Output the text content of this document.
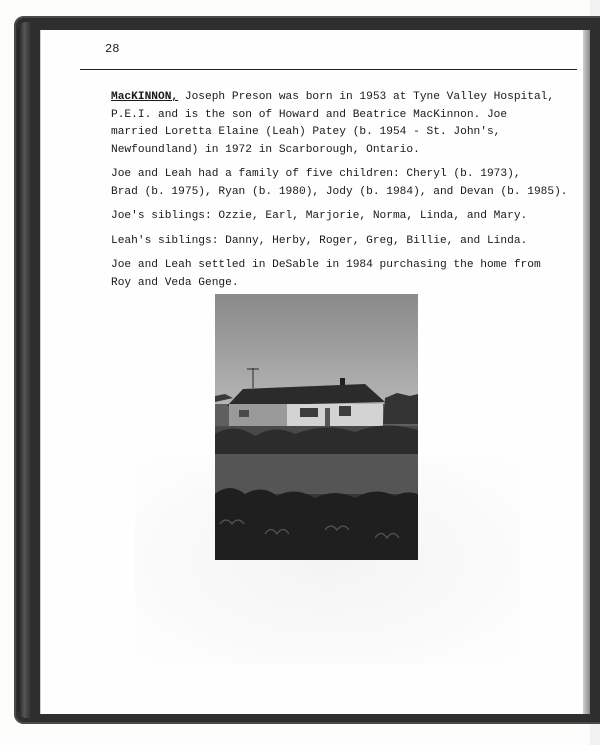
28

MacKINNON, Joseph Preson was born in 1953 at Tyne Valley Hospital,
P.E.I. and is the son of Howard and Beatrice MacKinnon. Joe
married Loretta Elaine (Leah) Patey (b. 1954 - St. John's,
Newfoundland) in 1972 in Scarborough, Ontario.

Joe and Leah had a family of five children: Cheryl (b. 1973),
Brad (b. 1975), Ryan (b. 1980), Jody (b. 1984), and Devan (b. 1985).

Joe's siblings: Ozzie, Earl, Marjorie, Norma, Linda, and Mary.

Leah's siblings: Danny, Herby, Roger, Greg, Billie, and Linda.

Joe and Leah settled in DeSable in 1984 purchasing the home from
Roy and Veda Genge.
